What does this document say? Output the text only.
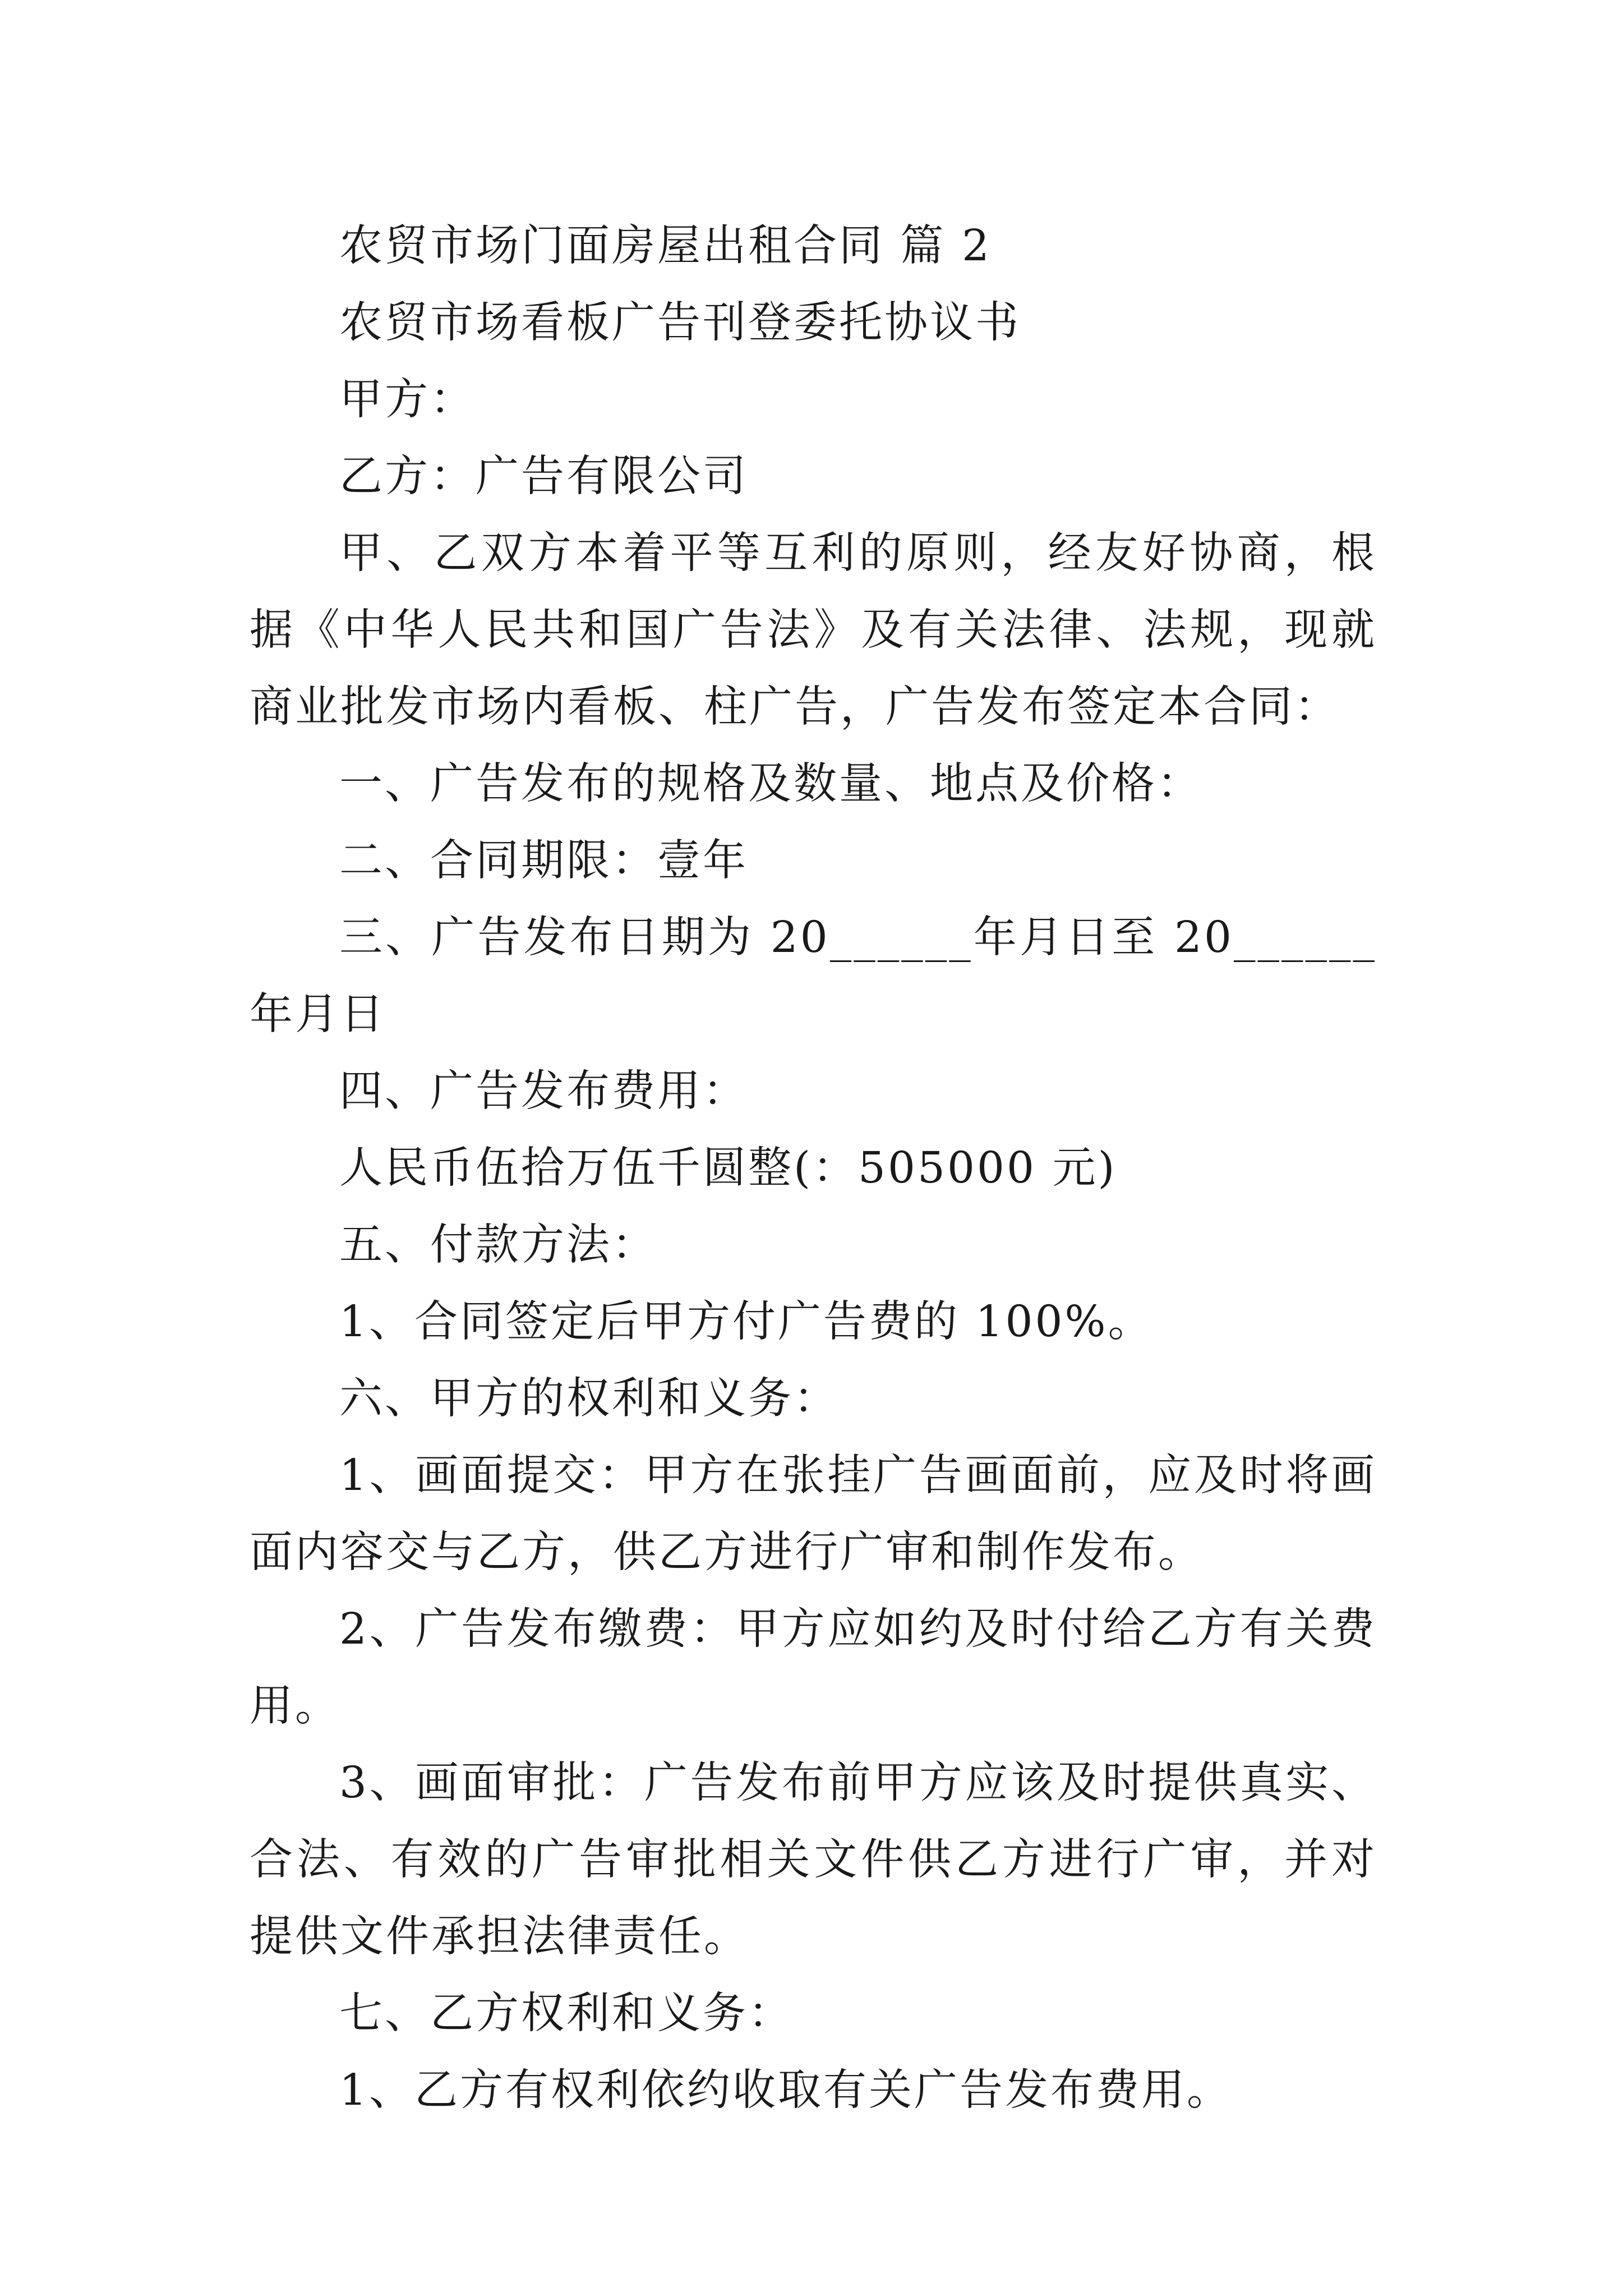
农贸市场门面房屋出租合同 篇 2

农贸市场看板广告刊登委托协议书

甲方：

乙方：广告有限公司

甲、乙双方本着平等互利的原则，经友好协商，根据《中华人民共和国广告法》及有关法律、法规，现就商业批发市场内看板、柱广告，广告发布签定本合同：

一、广告发布的规格及数量、地点及价格：

二、合同期限：壹年

三、广告发布日期为 20______年月日至 20______年月日

四、广告发布费用：

人民币伍拾万伍千圆整(：505000 元)

五、付款方法：

1、合同签定后甲方付广告费的 100%。

六、甲方的权利和义务：

1、画面提交：甲方在张挂广告画面前，应及时将画面内容交与乙方，供乙方进行广审和制作发布。

2、广告发布缴费：甲方应如约及时付给乙方有关费用。

3、画面审批：广告发布前甲方应该及时提供真实、合法、有效的广告审批相关文件供乙方进行广审，并对提供文件承担法律责任。

七、乙方权利和义务：

1、乙方有权利依约收取有关广告发布费用。
